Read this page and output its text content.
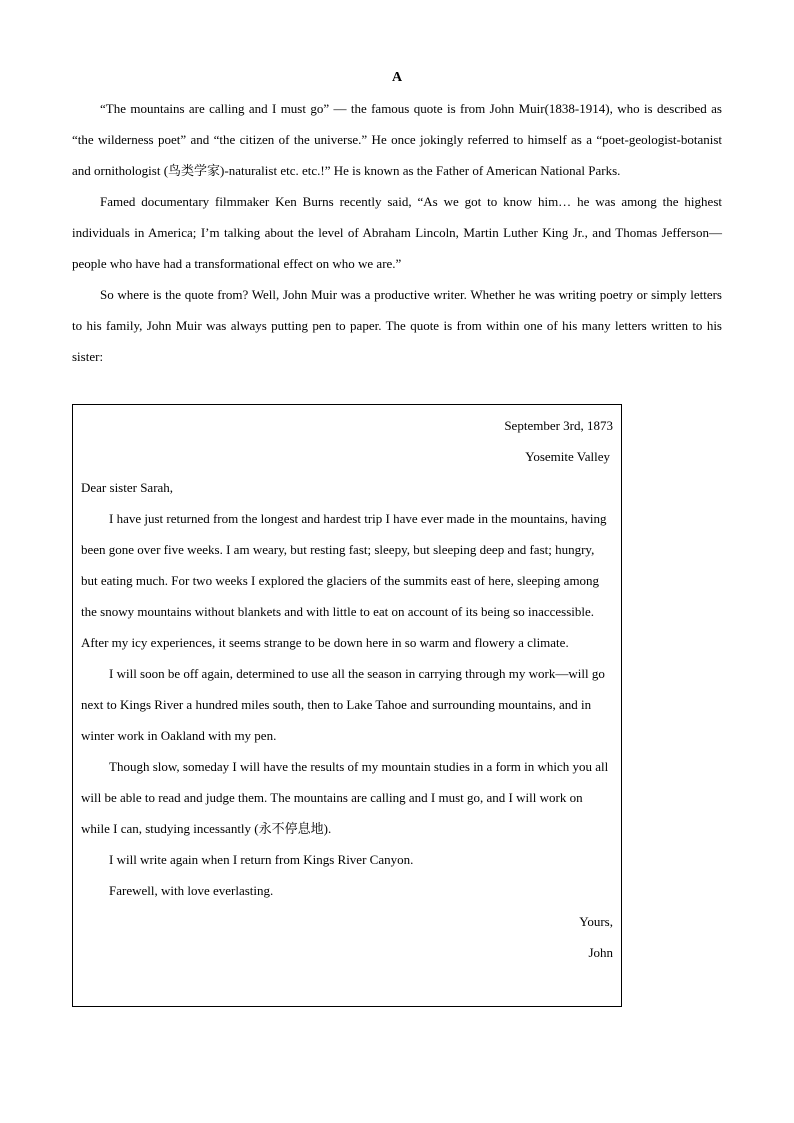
A

“The mountains are calling and I must go” — the famous quote is from John Muir(1838-1914), who is described as “the wilderness poet” and “the citizen of the universe.” He once jokingly referred to himself as a “poet-geologist-botanist and ornithologist (鸟类学家)-naturalist etc. etc.!” He is known as the Father of American National Parks.

Famed documentary filmmaker Ken Burns recently said, “As we got to know him… he was among the highest individuals in America; I’m talking about the level of Abraham Lincoln, Martin Luther King Jr., and Thomas Jefferson— people who have had a transformational effect on who we are.”

So where is the quote from? Well, John Muir was a productive writer. Whether he was writing poetry or simply letters to his family, John Muir was always putting pen to paper. The quote is from within one of his many letters written to his sister:

September 3rd, 1873

Yosemite Valley

Dear sister Sarah,

I have just returned from the longest and hardest trip I have ever made in the mountains, having been gone over five weeks. I am weary, but resting fast; sleepy, but sleeping deep and fast; hungry, but eating much. For two weeks I explored the glaciers of the summits east of here, sleeping among the snowy mountains without blankets and with little to eat on account of its being so inaccessible. After my icy experiences, it seems strange to be down here in so warm and flowery a climate.

I will soon be off again, determined to use all the season in carrying through my work—will go next to Kings River a hundred miles south, then to Lake Tahoe and surrounding mountains, and in winter work in Oakland with my pen.

Though slow, someday I will have the results of my mountain studies in a form in which you all will be able to read and judge them. The mountains are calling and I must go, and I will work on while I can, studying incessantly (永不停息地).

I will write again when I return from Kings River Canyon.

Farewell, with love everlasting.

Yours,

John
